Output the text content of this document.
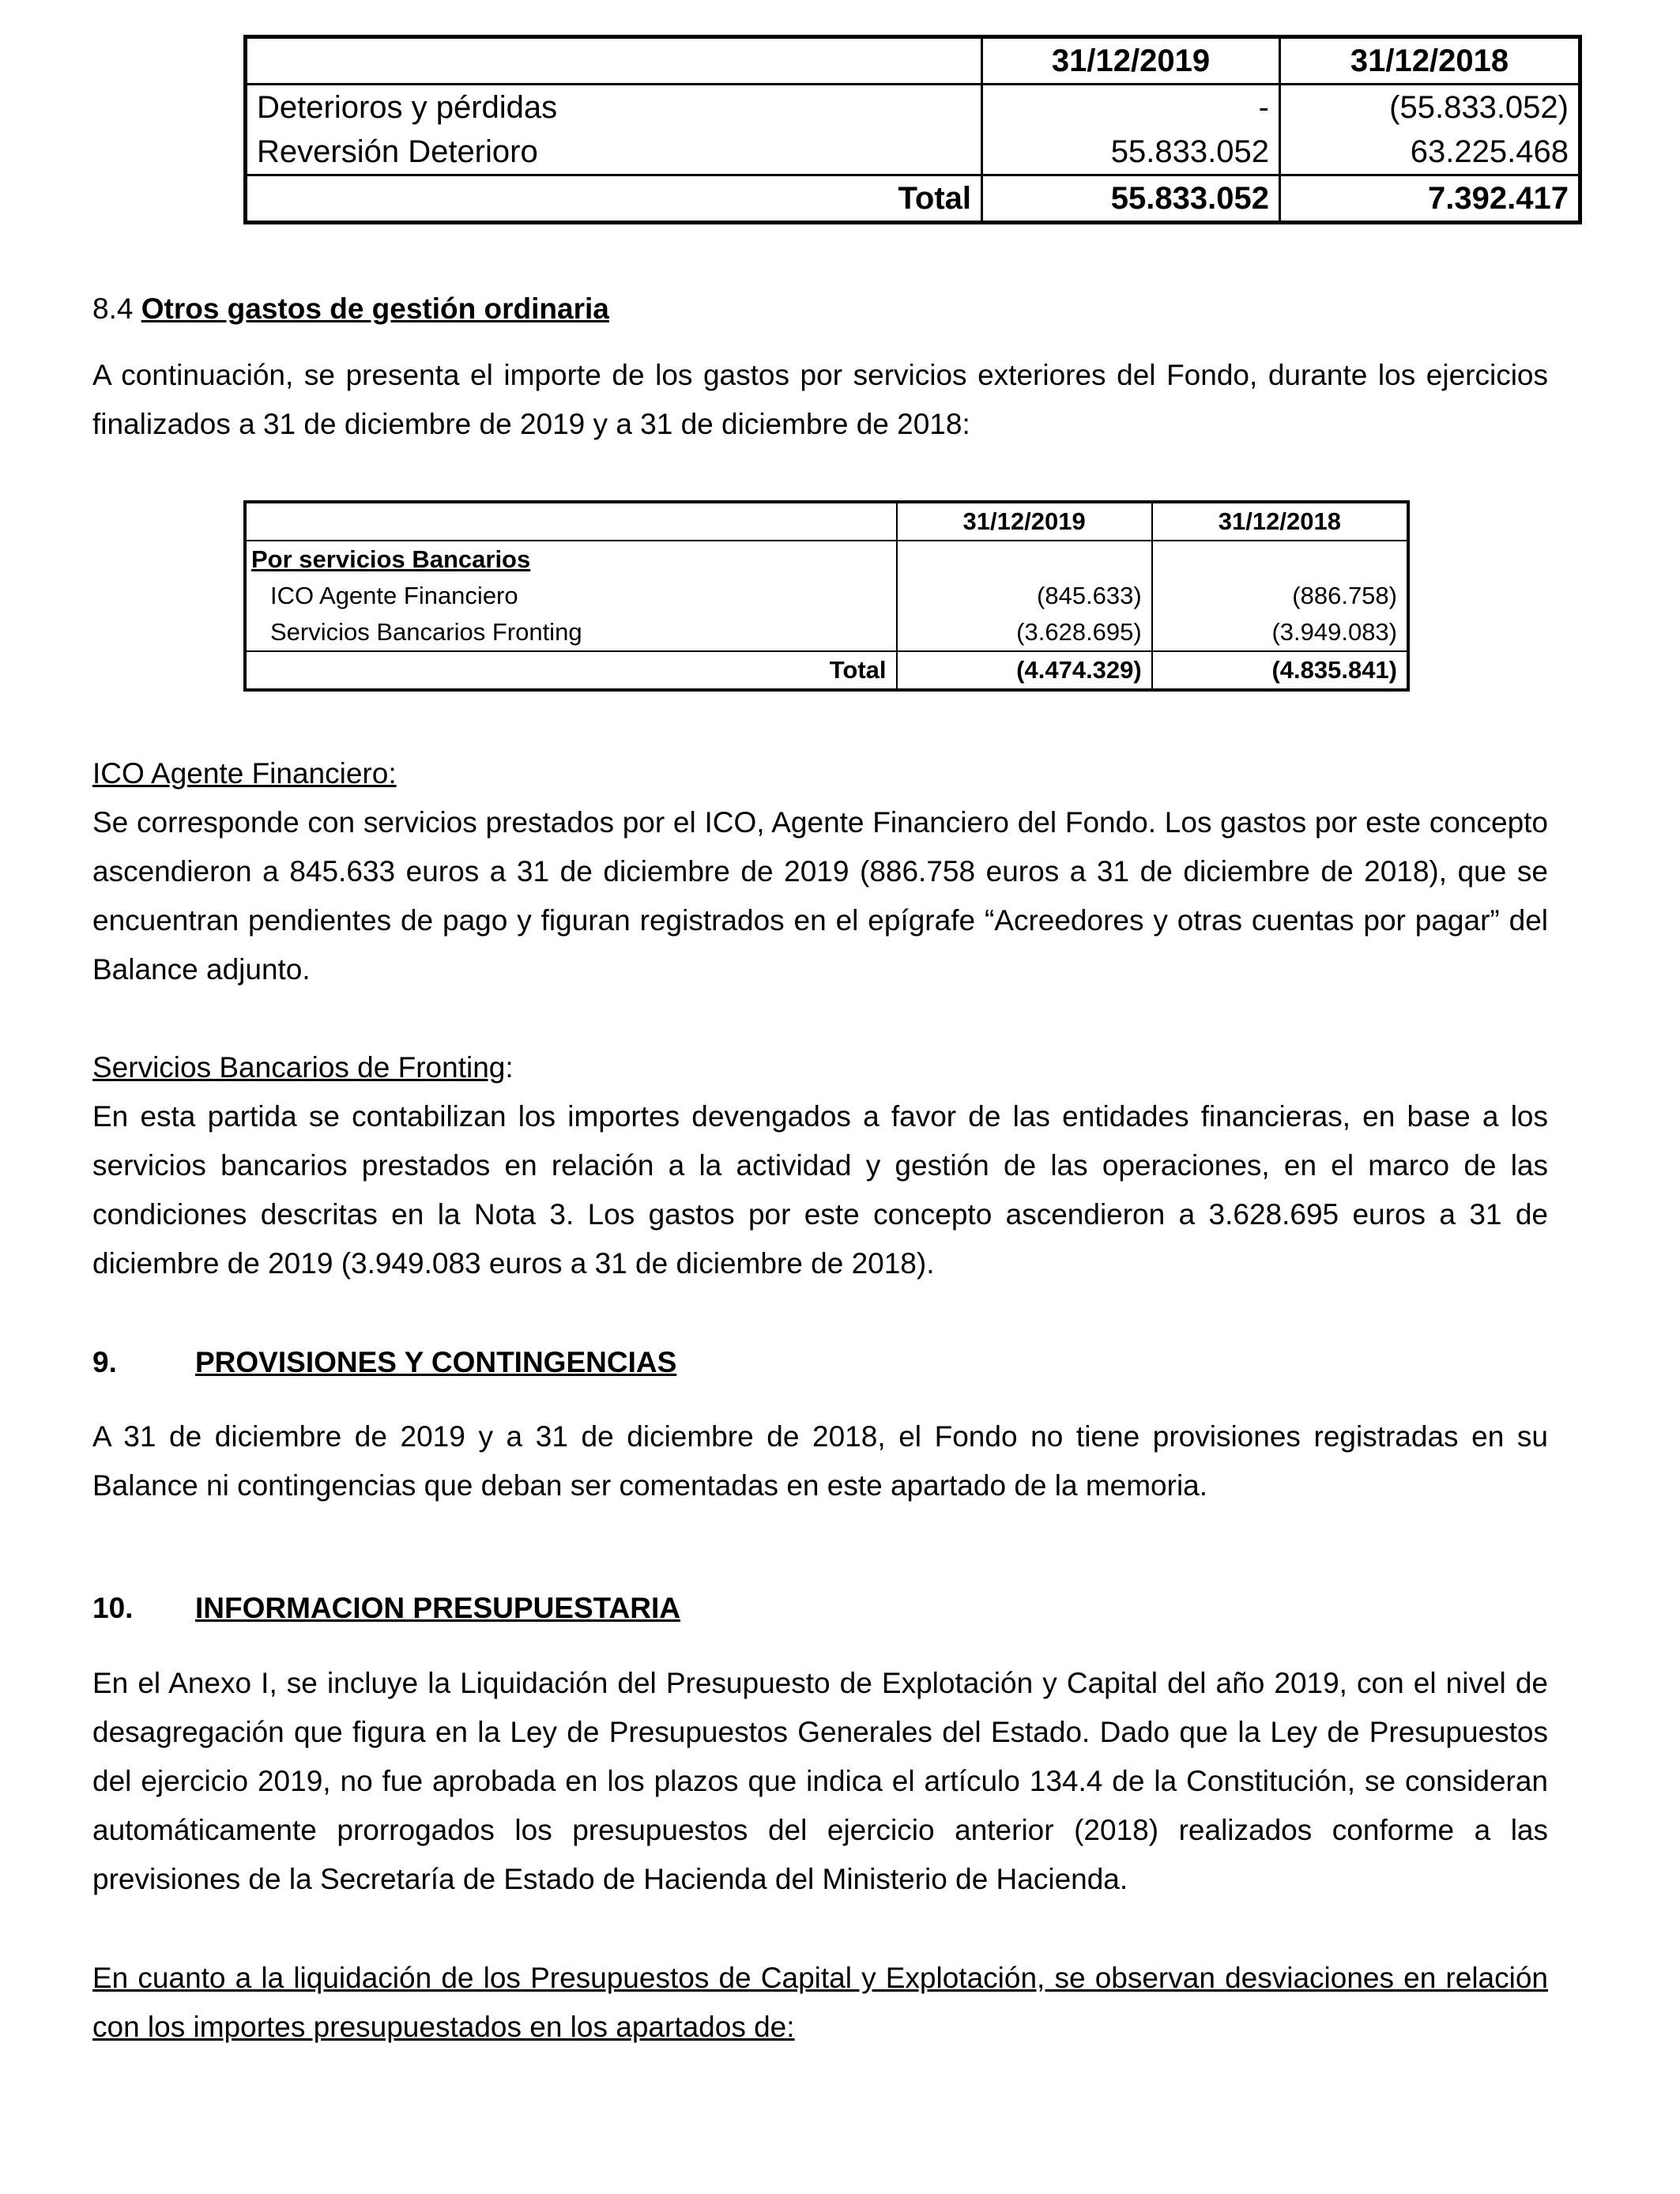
	31/12/2019	31/12/2018
Deterioros y pérdidas	-	(55.833.052)
Reversión Deterioro	55.833.052	63.225.468
Total	55.833.052	7.392.417
8.4 Otros gastos de gestión ordinaria
A continuación, se presenta el importe de los gastos por servicios exteriores del Fondo, durante los ejercicios finalizados a 31 de diciembre de 2019 y a 31 de diciembre de 2018:
	31/12/2019	31/12/2018
Por servicios Bancarios		
ICO Agente Financiero	(845.633)	(886.758)
Servicios Bancarios Fronting	(3.628.695)	(3.949.083)
Total	(4.474.329)	(4.835.841)
ICO Agente Financiero:
Se corresponde con servicios prestados por el ICO, Agente Financiero del Fondo. Los gastos por este concepto ascendieron a 845.633 euros a 31 de diciembre de 2019 (886.758 euros a 31 de diciembre de 2018), que se encuentran pendientes de pago y figuran registrados en el epígrafe “Acreedores y otras cuentas por pagar” del Balance adjunto.
Servicios Bancarios de Fronting:
En esta partida se contabilizan los importes devengados a favor de las entidades financieras, en base a los servicios bancarios prestados en relación a la actividad y gestión de las operaciones, en el marco de las condiciones descritas en la Nota 3. Los gastos por este concepto ascendieron a 3.628.695 euros a 31 de diciembre de 2019 (3.949.083 euros a 31 de diciembre de 2018).
9.	PROVISIONES Y CONTINGENCIAS
A 31 de diciembre de 2019 y a 31 de diciembre de 2018, el Fondo no tiene provisiones registradas en su Balance ni contingencias que deban ser comentadas en este apartado de la memoria.
10. INFORMACION PRESUPUESTARIA
En el Anexo I, se incluye la Liquidación del Presupuesto de Explotación y Capital del año 2019, con el nivel de desagregación que figura en la Ley de Presupuestos Generales del Estado. Dado que la Ley de Presupuestos del ejercicio 2019, no fue aprobada en los plazos que indica el artículo 134.4 de la Constitución, se consideran automáticamente prorrogados los presupuestos del ejercicio anterior (2018) realizados conforme a las previsiones de la Secretaría de Estado de Hacienda del Ministerio de Hacienda.
En cuanto a la liquidación de los Presupuestos de Capital y Explotación, se observan desviaciones en relación con los importes presupuestados en los apartados de:
